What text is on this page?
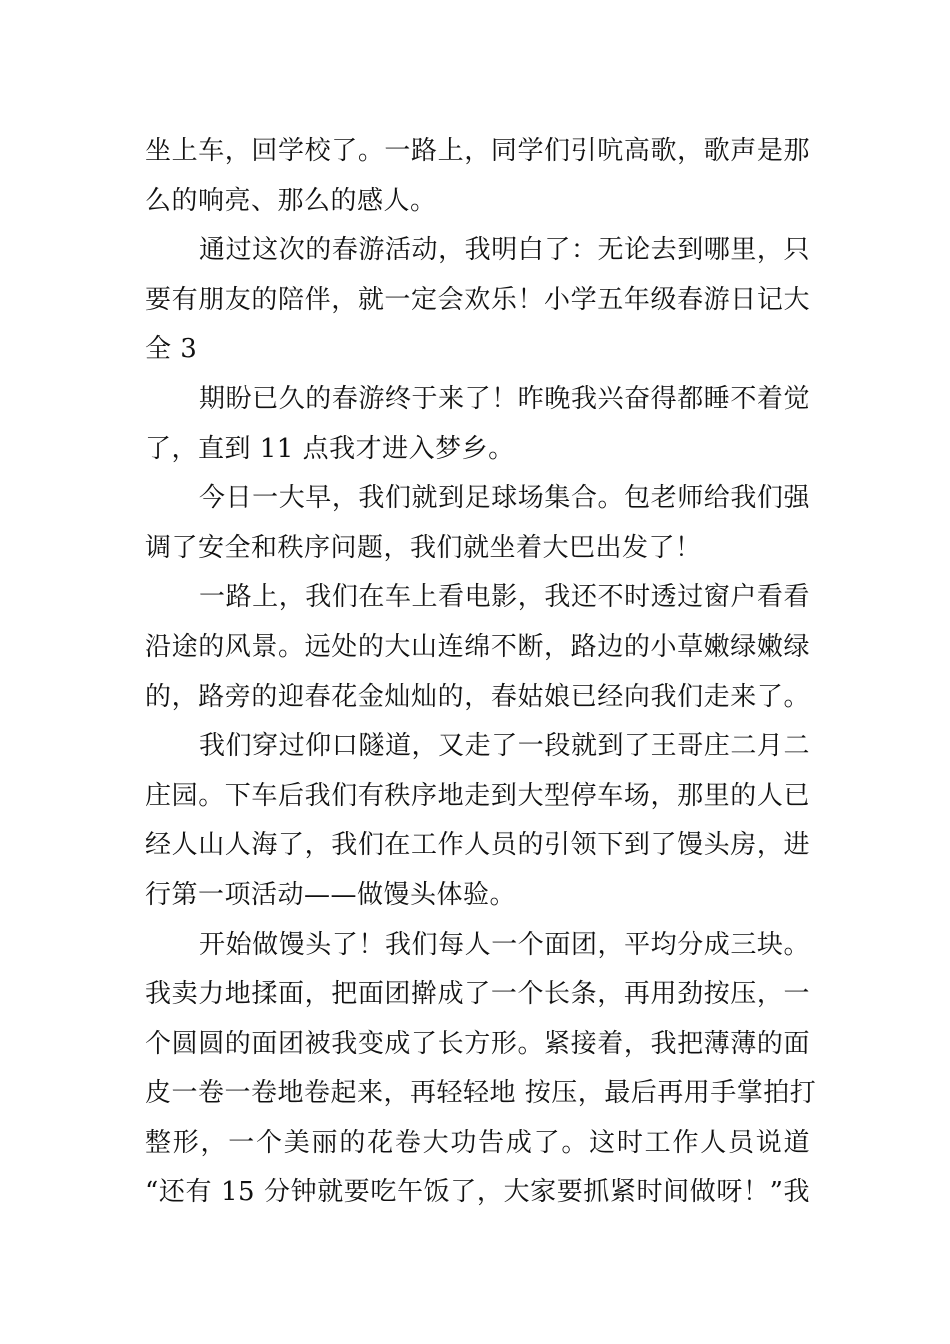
坐上车，回学校了。一路上，同学们引吭高歌，歌声是那
么的响亮、那么的感人。
通过这次的春游活动，我明白了：无论去到哪里，只
要有朋友的陪伴，就一定会欢乐！小学五年级春游日记大
全 3
期盼已久的春游终于来了！昨晚我兴奋得都睡不着觉
了，直到 11 点我才进入梦乡。
今日一大早，我们就到足球场集合。包老师给我们强
调了安全和秩序问题，我们就坐着大巴出发了！
一路上，我们在车上看电影，我还不时透过窗户看看
沿途的风景。远处的大山连绵不断，路边的小草嫩绿嫩绿
的，路旁的迎春花金灿灿的，春姑娘已经向我们走来了。
我们穿过仰口隧道，又走了一段就到了王哥庄二月二
庄园。下车后我们有秩序地走到大型停车场，那里的人已
经人山人海了，我们在工作人员的引领下到了馒头房，进
行第一项活动——做馒头体验。
开始做馒头了！我们每人一个面团，平均分成三块。
我卖力地揉面，把面团擀成了一个长条，再用劲按压，一
个圆圆的面团被我变成了长方形。紧接着，我把薄薄的面
皮一卷一卷地卷起来，再轻轻地 按压，最后再用手掌拍打
整形，一个美丽的花卷大功告成了。这时工作人员说道
“还有 15 分钟就要吃午饭了，大家要抓紧时间做呀！”我
